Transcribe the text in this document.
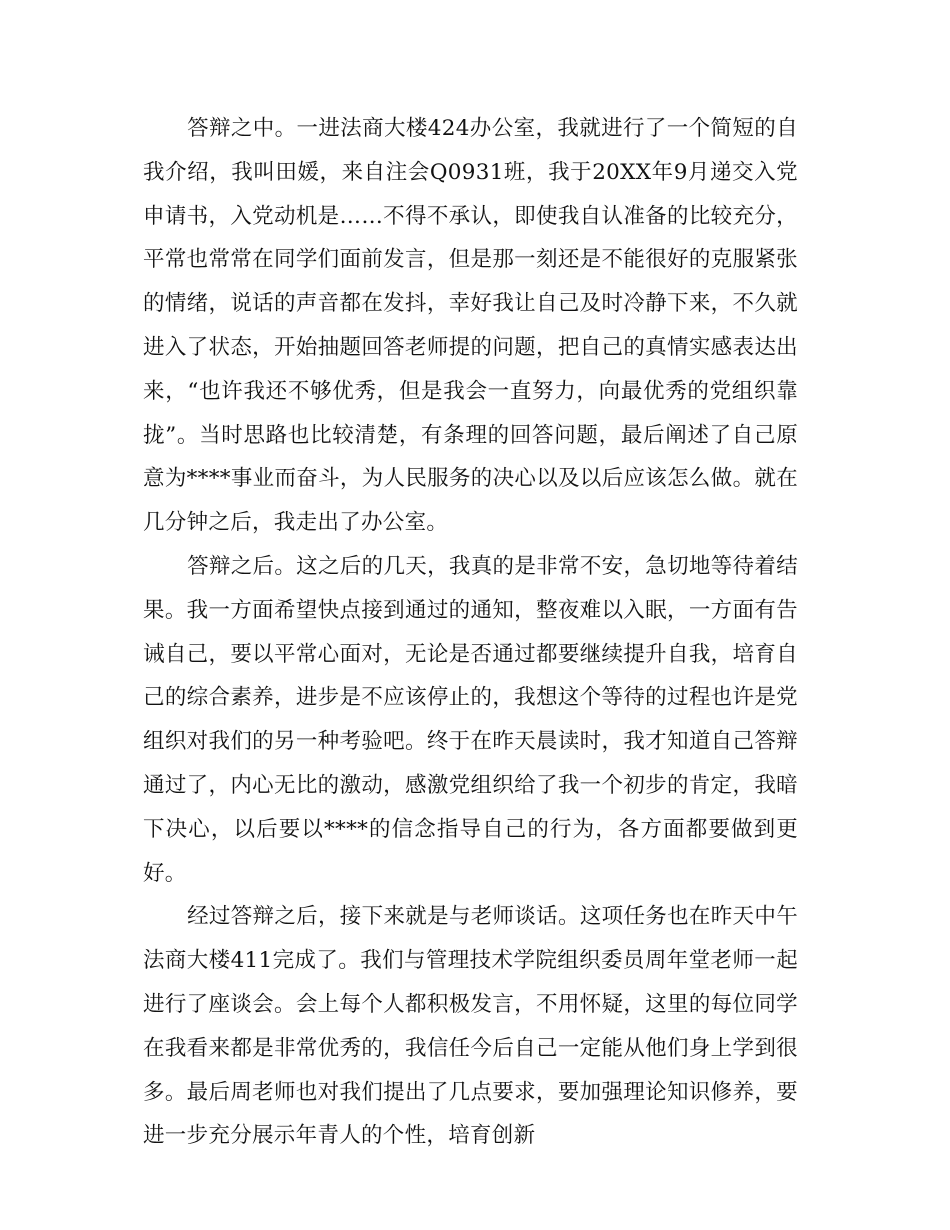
答辩之中。一进法商大楼424办公室，我就进行了一个简短的自我介绍，我叫田媛，来自注会Q0931班，我于20XX年9月递交入党申请书，入党动机是……不得不承认，即使我自认准备的比较充分，平常也常常在同学们面前发言，但是那一刻还是不能很好的克服紧张的情绪，说话的声音都在发抖，幸好我让自己及时冷静下来，不久就进入了状态，开始抽题回答老师提的问题，把自己的真情实感表达出来，“也许我还不够优秀，但是我会一直努力，向最优秀的党组织靠拢”。当时思路也比较清楚，有条理的回答问题，最后阐述了自己原意为****事业而奋斗，为人民服务的决心以及以后应该怎么做。就在几分钟之后，我走出了办公室。

答辩之后。这之后的几天，我真的是非常不安，急切地等待着结果。我一方面希望快点接到通过的通知，整夜难以入眠，一方面有告诫自己，要以平常心面对，无论是否通过都要继续提升自我，培育自己的综合素养，进步是不应该停止的，我想这个等待的过程也许是党组织对我们的另一种考验吧。终于在昨天晨读时，我才知道自己答辩通过了，内心无比的激动，感激党组织给了我一个初步的肯定，我暗下决心，以后要以****的信念指导自己的行为，各方面都要做到更好。

经过答辩之后，接下来就是与老师谈话。这项任务也在昨天中午法商大楼411完成了。我们与管理技术学院组织委员周年堂老师一起进行了座谈会。会上每个人都积极发言，不用怀疑，这里的每位同学在我看来都是非常优秀的，我信任今后自己一定能从他们身上学到很多。最后周老师也对我们提出了几点要求，要加强理论知识修养，要进一步充分展示年青人的个性，培育创新
